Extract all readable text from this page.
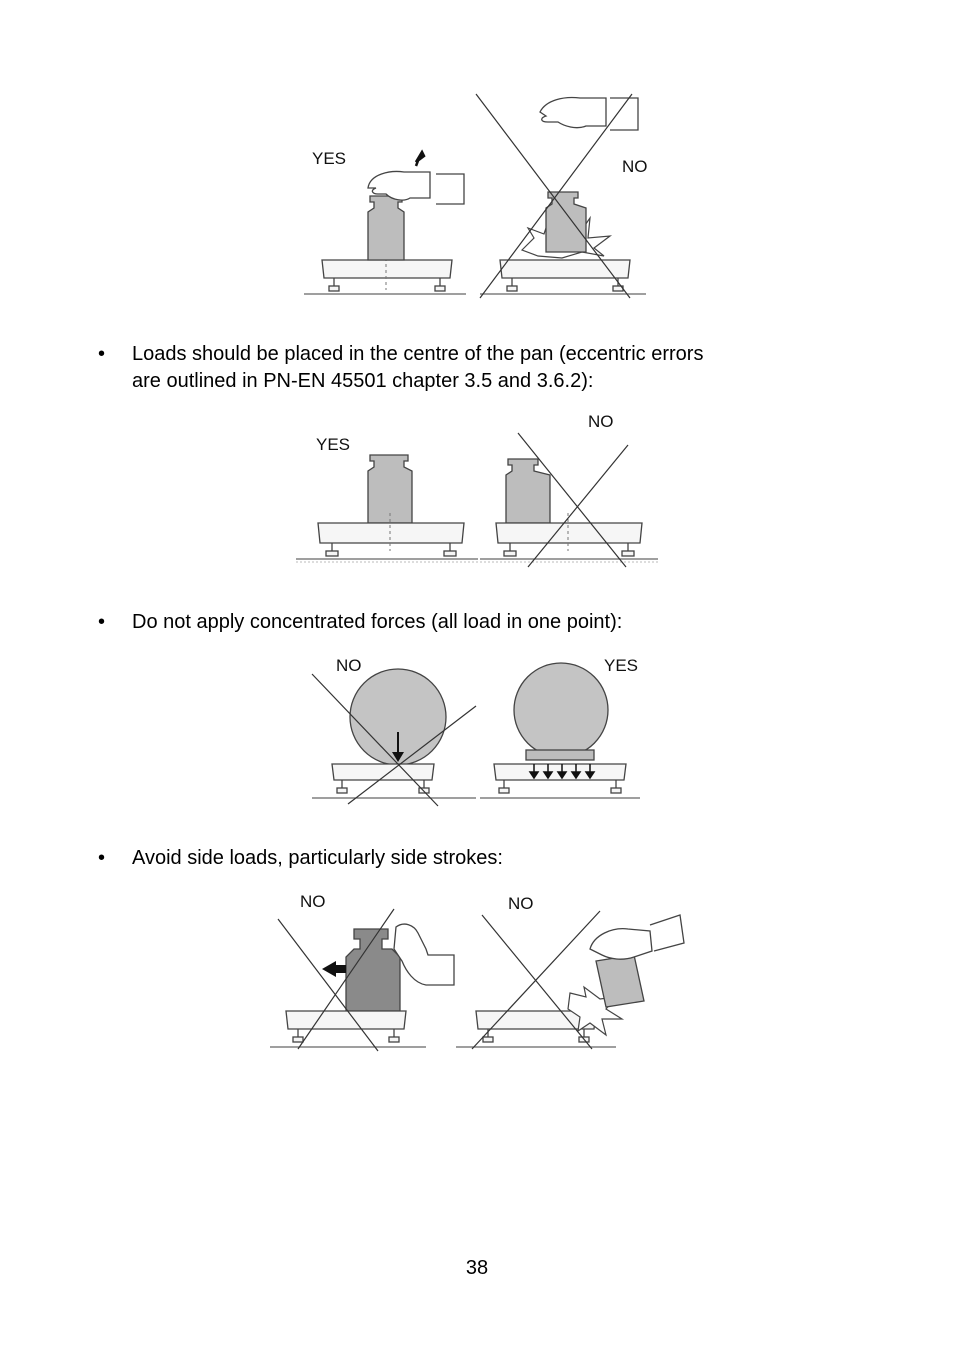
YES	NO
• Loads should be placed in the centre of the pan (eccentric errors
are outlined in PN-EN 45501 chapter 3.5 and 3.6.2):
YES
NO
• Do not apply concentrated forces (all load in one point):
NO	YES
• Avoid side loads, particularly side strokes:
NO	NO
38
